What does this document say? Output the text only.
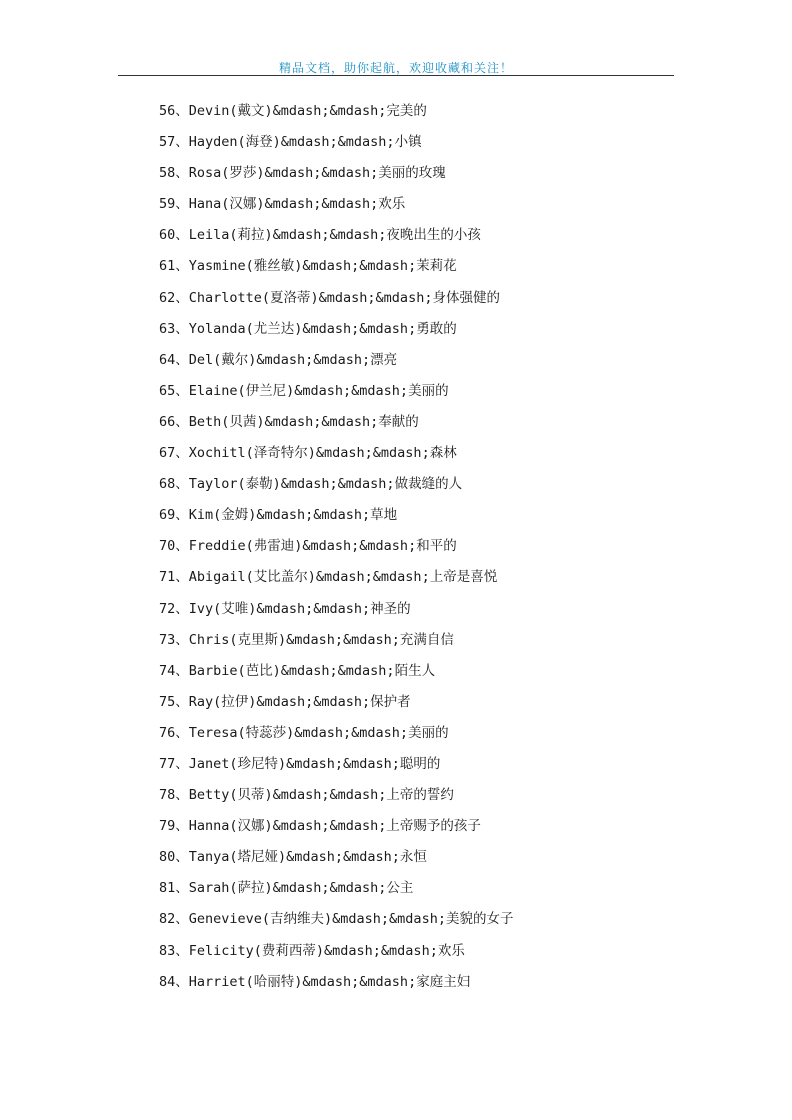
精品文档，助你起航，欢迎收藏和关注！
56、Devin(戴文)&mdash;&mdash;完美的
57、Hayden(海登)&mdash;&mdash;小镇
58、Rosa(罗莎)&mdash;&mdash;美丽的玫瑰
59、Hana(汉娜)&mdash;&mdash;欢乐
60、Leila(莉拉)&mdash;&mdash;夜晚出生的小孩
61、Yasmine(雅丝敏)&mdash;&mdash;茉莉花
62、Charlotte(夏洛蒂)&mdash;&mdash;身体强健的
63、Yolanda(尤兰达)&mdash;&mdash;勇敢的
64、Del(戴尔)&mdash;&mdash;漂亮
65、Elaine(伊兰尼)&mdash;&mdash;美丽的
66、Beth(贝茜)&mdash;&mdash;奉献的
67、Xochitl(泽奇特尔)&mdash;&mdash;森林
68、Taylor(泰勒)&mdash;&mdash;做裁缝的人
69、Kim(金姆)&mdash;&mdash;草地
70、Freddie(弗雷迪)&mdash;&mdash;和平的
71、Abigail(艾比盖尔)&mdash;&mdash;上帝是喜悦
72、Ivy(艾唯)&mdash;&mdash;神圣的
73、Chris(克里斯)&mdash;&mdash;充满自信
74、Barbie(芭比)&mdash;&mdash;陌生人
75、Ray(拉伊)&mdash;&mdash;保护者
76、Teresa(特蕊莎)&mdash;&mdash;美丽的
77、Janet(珍尼特)&mdash;&mdash;聪明的
78、Betty(贝蒂)&mdash;&mdash;上帝的誓约
79、Hanna(汉娜)&mdash;&mdash;上帝赐予的孩子
80、Tanya(塔尼娅)&mdash;&mdash;永恒
81、Sarah(萨拉)&mdash;&mdash;公主
82、Genevieve(吉纳维夫)&mdash;&mdash;美貌的女子
83、Felicity(费莉西蒂)&mdash;&mdash;欢乐
84、Harriet(哈丽特)&mdash;&mdash;家庭主妇
